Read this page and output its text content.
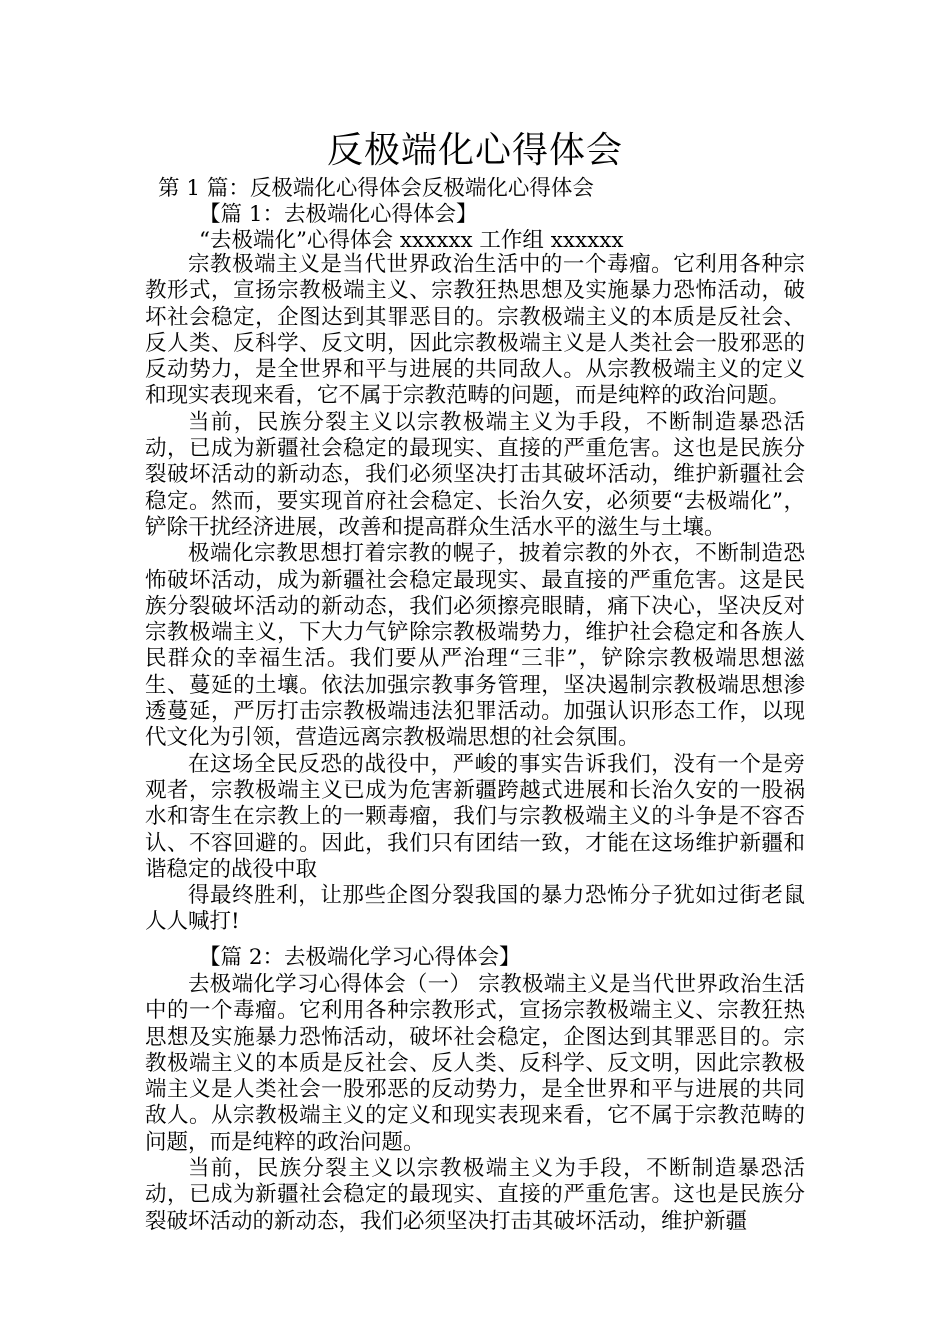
反极端化心得体会
第 1 篇：反极端化心得体会反极端化心得体会
【篇 1：去极端化心得体会】
“去极端化”心得体会 xxxxxx 工作组 xxxxxx

宗教极端主义是当代世界政治生活中的一个毒瘤。它利用各种宗教形式，宣扬宗教极端主义、宗教狂热思想及实施暴力恐怖活动，破坏社会稳定，企图达到其罪恶目的。宗教极端主义的本质是反社会、反人类、反科学、反文明，因此宗教极端主义是人类社会一股邪恶的反动势力，是全世界和平与进展的共同敌人。从宗教极端主义的定义和现实表现来看，它不属于宗教范畴的问题，而是纯粹的政治问题。

当前，民族分裂主义以宗教极端主义为手段，不断制造暴恐活动，已成为新疆社会稳定的最现实、直接的严重危害。这也是民族分裂破坏活动的新动态，我们必须坚决打击其破坏活动，维护新疆社会稳定。然而，要实现首府社会稳定、长治久安，必须要“去极端化”，铲除干扰经济进展，改善和提高群众生活水平的滋生与土壤。

极端化宗教思想打着宗教的幌子，披着宗教的外衣，不断制造恐怖破坏活动，成为新疆社会稳定最现实、最直接的严重危害。这是民族分裂破坏活动的新动态，我们必须擦亮眼睛，痛下决心，坚决反对宗教极端主义，下大力气铲除宗教极端势力，维护社会稳定和各族人民群众的幸福生活。我们要从严治理“三非”，铲除宗教极端思想滋生、蔓延的土壤。依法加强宗教事务管理，坚决遏制宗教极端思想渗透蔓延，严厉打击宗教极端违法犯罪活动。加强认识形态工作，以现代文化为引领，营造远离宗教极端思想的社会氛围。

在这场全民反恐的战役中，严峻的事实告诉我们，没有一个是旁观者，宗教极端主义已成为危害新疆跨越式进展和长治久安的一股祸水和寄生在宗教上的一颗毒瘤，我们与宗教极端主义的斗争是不容否认、不容回避的。因此，我们只有团结一致，才能在这场维护新疆和谐稳定的战役中取

得最终胜利，让那些企图分裂我国的暴力恐怖分子犹如过街老鼠人人喊打!

【篇 2：去极端化学习心得体会】

去极端化学习心得体会（一） 宗教极端主义是当代世界政治生活中的一个毒瘤。它利用各种宗教形式，宣扬宗教极端主义、宗教狂热思想及实施暴力恐怖活动，破坏社会稳定，企图达到其罪恶目的。宗教极端主义的本质是反社会、反人类、反科学、反文明，因此宗教极端主义是人类社会一股邪恶的反动势力，是全世界和平与进展的共同敌人。从宗教极端主义的定义和现实表现来看，它不属于宗教范畴的问题，而是纯粹的政治问题。

当前，民族分裂主义以宗教极端主义为手段，不断制造暴恐活动，已成为新疆社会稳定的最现实、直接的严重危害。这也是民族分裂破坏活动的新动态，我们必须坚决打击其破坏活动，维护新疆
